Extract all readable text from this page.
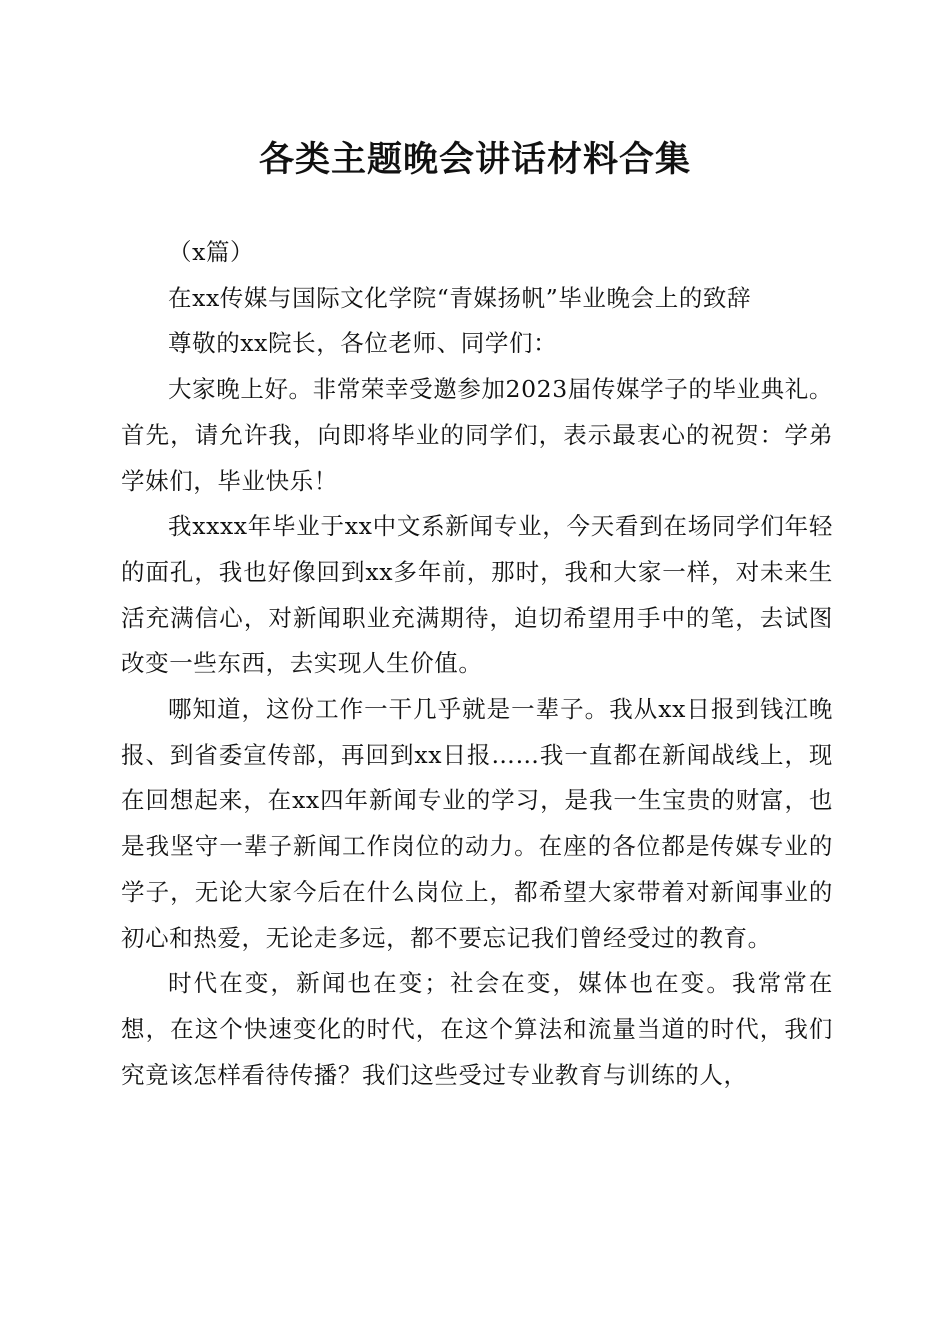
各类主题晚会讲话材料合集

（x篇）

在xx传媒与国际文化学院“青媒扬帆”毕业晚会上的致辞

尊敬的xx院长，各位老师、同学们：

大家晚上好。非常荣幸受邀参加2023届传媒学子的毕业典礼。首先，请允许我，向即将毕业的同学们，表示最衷心的祝贺：学弟学妹们，毕业快乐！

我xxxx年毕业于xx中文系新闻专业，今天看到在场同学们年轻的面孔，我也好像回到xx多年前，那时，我和大家一样，对未来生活充满信心，对新闻职业充满期待，迫切希望用手中的笔，去试图改变一些东西，去实现人生价值。

哪知道，这份工作一干几乎就是一辈子。我从xx日报到钱江晚报、到省委宣传部，再回到xx日报……我一直都在新闻战线上，现在回想起来，在xx四年新闻专业的学习，是我一生宝贵的财富，也是我坚守一辈子新闻工作岗位的动力。在座的各位都是传媒专业的学子，无论大家今后在什么岗位上，都希望大家带着对新闻事业的初心和热爱，无论走多远，都不要忘记我们曾经受过的教育。

时代在变，新闻也在变；社会在变，媒体也在变。我常常在想，在这个快速变化的时代，在这个算法和流量当道的时代，我们究竟该怎样看待传播？我们这些受过专业教育与训练的人，
